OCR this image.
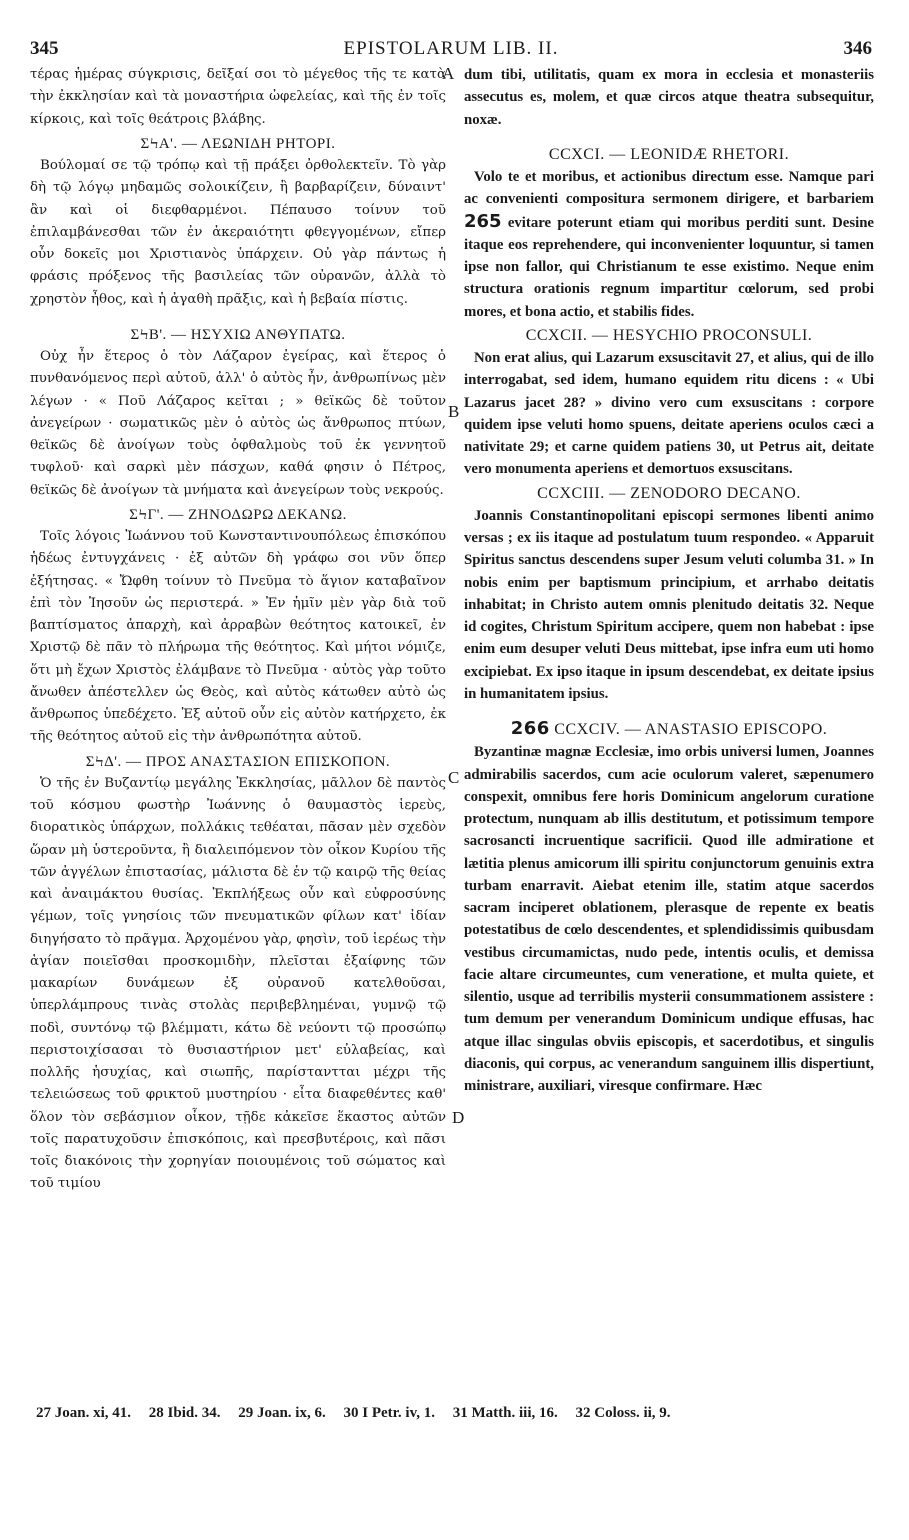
345	EPISTOLARUM LIB. II.	346
A
B
C
D

τέρας ἡμέρας σύγκρισις, δεῖξαί σοι τὸ μέγεθος τῆς τε κατὰ τὴν ἐκκλησίαν καὶ τὰ μοναστήρια ὠφελείας, καὶ τῆς ἐν τοῖς κίρκοις, καὶ τοῖς θεάτροις βλάβης.

ΣϞΑ'. — ΛΕΩΝΙΔΗ ΡΗΤΟΡΙ.

Βούλομαί σε τῷ τρόπῳ καὶ τῇ πράξει ὀρθολεκτεῖν. Τὸ γὰρ δὴ τῷ λόγῳ μηδαμῶς σολοικίζειν, ἢ βαρβαρίζειν, δύναιντ' ἂν καὶ οἱ διεφθαρμένοι. Πέπαυσο τοίνυν τοῦ ἐπιλαμβάνεσθαι τῶν ἐν ἀκεραιότητι φθεγγομένων, εἴπερ οὖν δοκεῖς μοι Χριστιανὸς ὑπάρχειν. Οὐ γὰρ πάντως ἡ φράσις πρόξενος τῆς βασιλείας τῶν οὐρανῶν, ἀλλὰ τὸ χρηστὸν ἦθος, καὶ ἡ ἀγαθὴ πρᾶξις, καὶ ἡ βεβαία πίστις.

ΣϞΒ'. — ΗΣΥΧΙΩ ΑΝΘΥΠΑΤΩ.

Οὐχ ἦν ἕτερος ὁ τὸν Λάζαρον ἐγείρας, καὶ ἕτερος ὁ πυνθανόμενος περὶ αὐτοῦ, ἀλλ' ὁ αὐτὸς ἦν, ἀνθρωπίνως μὲν λέγων · « Ποῦ Λάζαρος κεῖται ; » θεϊκῶς δὲ τοῦτον ἀνεγείρων · σωματικῶς μὲν ὁ αὐτὸς ὡς ἄνθρωπος πτύων, θεϊκῶς δὲ ἀνοίγων τοὺς ὀφθαλμοὺς τοῦ ἐκ γεννητοῦ τυφλοῦ· καὶ σαρκὶ μὲν πάσχων, καθά φησιν ὁ Πέτρος, θεϊκῶς δὲ ἀνοίγων τὰ μνήματα καὶ ἀνεγείρων τοὺς νεκρούς.

ΣϞΓ'. — ΖΗΝΟΔΩΡΩ ΔΕΚΑΝΩ.

Τοῖς λόγοις Ἰωάννου τοῦ Κωνσταντινουπόλεως ἐπισκόπου ἡδέως ἐντυγχάνεις · ἐξ αὐτῶν δὴ γράφω σοι νῦν ὅπερ ἐξήτησας. « Ὤφθη τοίνυν τὸ Πνεῦμα τὸ ἅγιον καταβαῖνον ἐπὶ τὸν Ἰησοῦν ὡς περιστερά. » Ἐν ἡμῖν μὲν γὰρ διὰ τοῦ βαπτίσματος ἀπαρχὴ, καὶ ἀρραβὼν θεότητος κατοικεῖ, ἐν Χριστῷ δὲ πᾶν τὸ πλήρωμα τῆς θεότητος. Καὶ μήτοι νόμιζε, ὅτι μὴ ἔχων Χριστὸς ἐλάμβανε τὸ Πνεῦμα · αὐτὸς γὰρ τοῦτο ἄνωθεν ἀπέστελλεν ὡς Θεὸς, καὶ αὐτὸς κάτωθεν αὐτὸ ὡς ἄνθρωπος ὑπεδέχετο. Ἐξ αὐτοῦ οὖν εἰς αὐτὸν κατήρχετο, ἐκ τῆς θεότητος αὐτοῦ εἰς τὴν ἀνθρωπότητα αὐτοῦ.

ΣϞΔ'. — ΠΡΟΣ ΑΝΑΣΤΑΣΙΟΝ ΕΠΙΣΚΟΠΟΝ.

Ὁ τῆς ἐν Βυζαντίῳ μεγάλης Ἐκκλησίας, μᾶλλον δὲ παντὸς τοῦ κόσμου φωστὴρ Ἰωάννης ὁ θαυμαστὸς ἱερεὺς, διορατικὸς ὑπάρχων, πολλάκις τεθέαται, πᾶσαν μὲν σχεδὸν ὥραν μὴ ὑστεροῦντα, ἢ διαλειπόμενον τὸν οἶκον Κυρίου τῆς τῶν ἀγγέλων ἐπιστασίας, μάλιστα δὲ ἐν τῷ καιρῷ τῆς θείας καὶ ἀναιμάκτου θυσίας. Ἐκπλήξεως οὖν καὶ εὐφροσύνης γέμων, τοῖς γνησίοις τῶν πνευματικῶν φίλων κατ' ἰδίαν διηγήσατο τὸ πρᾶγμα. Ἀρχομένου γὰρ, φησὶν, τοῦ ἱερέως τὴν ἁγίαν ποιεῖσθαι προσκομιδὴν, πλεῖσται ἐξαίφνης τῶν μακαρίων δυνάμεων ἐξ οὐρανοῦ κατελθοῦσαι, ὑπερλάμπρους τινὰς στολὰς περιβεβλημέναι, γυμνῷ τῷ ποδὶ, συντόνῳ τῷ βλέμματι, κάτω δὲ νεύοντι τῷ προσώπῳ περιστοιχίσασαι τὸ θυσιαστήριον μετ' εὐλαβείας, καὶ πολλῆς ἡσυχίας, καὶ σιωπῆς, παρίσταντται μέχρι τῆς τελειώσεως τοῦ φρικτοῦ μυστηρίου · εἶτα διαφεθέντες καθ' ὅλον τὸν σεβάσμιον οἶκον, τῇδε κἀκεῖσε ἕκαστος αὐτῶν τοῖς παρατυχοῦσιν ἐπισκόποις, καὶ πρεσβυτέροις, καὶ πᾶσι τοῖς διακόνοις τὴν χορηγίαν ποιουμένοις τοῦ σώματος καὶ τοῦ τιμίου

dum tibi, utilitatis, quam ex mora in ecclesia et monasteriis assecutus es, molem, et quæ circos atque theatra subsequitur, noxæ.

CCXCI. — LEONIDÆ RHETORI.

Volo te et moribus, et actionibus directum esse. Namque pari ac convenienti compositura sermonem dirigere, et barbariem 265 evitare poterunt etiam qui moribus perditi sunt. Desine itaque eos reprehendere, qui inconvenienter loquuntur, si tamen ipse non fallor, qui Christianum te esse existimo. Neque enim structura orationis regnum impartitur cœlorum, sed probi mores, et bona actio, et stabilis fides.

CCXCII. — HESYCHIO PROCONSULI.

Non erat alius, qui Lazarum exsuscitavit 27, et alius, qui de illo interrogabat, sed idem, humano equidem ritu dicens : « Ubi Lazarus jacet 28? » divino vero cum exsuscitans : corpore quidem ipse veluti homo spuens, deitate aperiens oculos cæci a nativitate 29; et carne quidem patiens 30, ut Petrus ait, deitate vero monumenta aperiens et demortuos exsuscitans.

CCXCIII. — ZENODORO DECANO.

Joannis Constantinopolitani episcopi sermones libenti animo versas ; ex iis itaque ad postulatum tuum respondeo. « Apparuit Spiritus sanctus descendens super Jesum veluti columba 31. » In nobis enim per baptismum principium, et arrhabo deitatis inhabitat; in Christo autem omnis plenitudo deitatis 32. Neque id cogites, Christum Spiritum accipere, quem non habebat : ipse enim eum desuper veluti Deus mittebat, ipse infra eum uti homo excipiebat. Ex ipso itaque in ipsum descendebat, ex deitate ipsius in humanitatem ipsius.

266 CCXCIV. — ANASTASIO EPISCOPO.

Byzantinæ magnæ Ecclesiæ, imo orbis universi lumen, Joannes admirabilis sacerdos, cum acie oculorum valeret, sæpenumero conspexit, omnibus fere horis Dominicum angelorum curatione protectum, nunquam ab illis destitutum, et potissimum tempore sacrosancti incruentique sacrificii. Quod ille admiratione et lætitia plenus amicorum illi spiritu conjunctorum genuinis extra turbam enarravit. Aiebat etenim ille, statim atque sacerdos sacram inciperet oblationem, plerasque de repente ex beatis potestatibus de cœlo descendentes, et splendidissimis quibusdam vestibus circumamictas, nudo pede, intentis oculis, et demissa facie altare circumeuntes, cum veneratione, et multa quiete, et silentio, usque ad terribilis mysterii consummationem assistere : tum demum per venerandum Dominicum undique effusas, hac atque illac singulas obviis episcopis, et sacerdotibus, et singulis diaconis, qui corpus, ac venerandum sanguinem illis dispertiunt, ministrare, auxiliari, viresque confirmare. Hæc

27 Joan. xi, 41. 28 Ibid. 34. 29 Joan. ix, 6. 30 I Petr. iv, 1. 31 Matth. iii, 16. 32 Coloss. ii, 9.
